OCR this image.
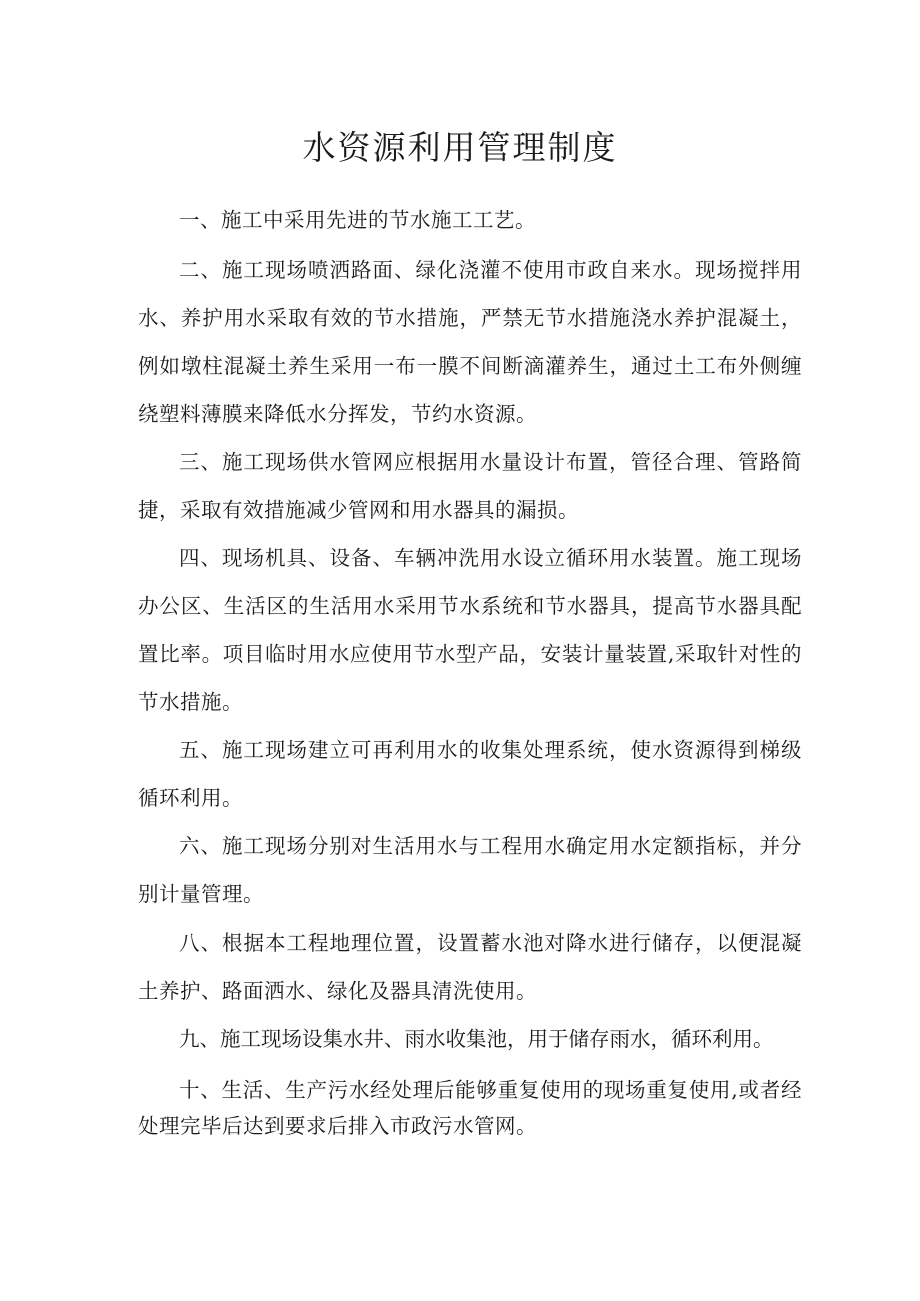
水资源利用管理制度

一、施工中采用先进的节水施工工艺。

二、施工现场喷洒路面、绿化浇灌不使用市政自来水。现场搅拌用水、养护用水采取有效的节水措施，严禁无节水措施浇水养护混凝土，例如墩柱混凝土养生采用一布一膜不间断滴灌养生，通过土工布外侧缠绕塑料薄膜来降低水分挥发，节约水资源。

三、施工现场供水管网应根据用水量设计布置，管径合理、管路简捷，采取有效措施减少管网和用水器具的漏损。

四、现场机具、设备、车辆冲洗用水设立循环用水装置。施工现场办公区、生活区的生活用水采用节水系统和节水器具，提高节水器具配置比率。项目临时用水应使用节水型产品，安装计量装置,采取针对性的节水措施。

五、施工现场建立可再利用水的收集处理系统，使水资源得到梯级循环利用。

六、施工现场分别对生活用水与工程用水确定用水定额指标，并分别计量管理。

八、根据本工程地理位置，设置蓄水池对降水进行储存，以便混凝土养护、路面洒水、绿化及器具清洗使用。

九、施工现场设集水井、雨水收集池，用于储存雨水，循环利用。

十、生活、生产污水经处理后能够重复使用的现场重复使用,或者经处理完毕后达到要求后排入市政污水管网。
